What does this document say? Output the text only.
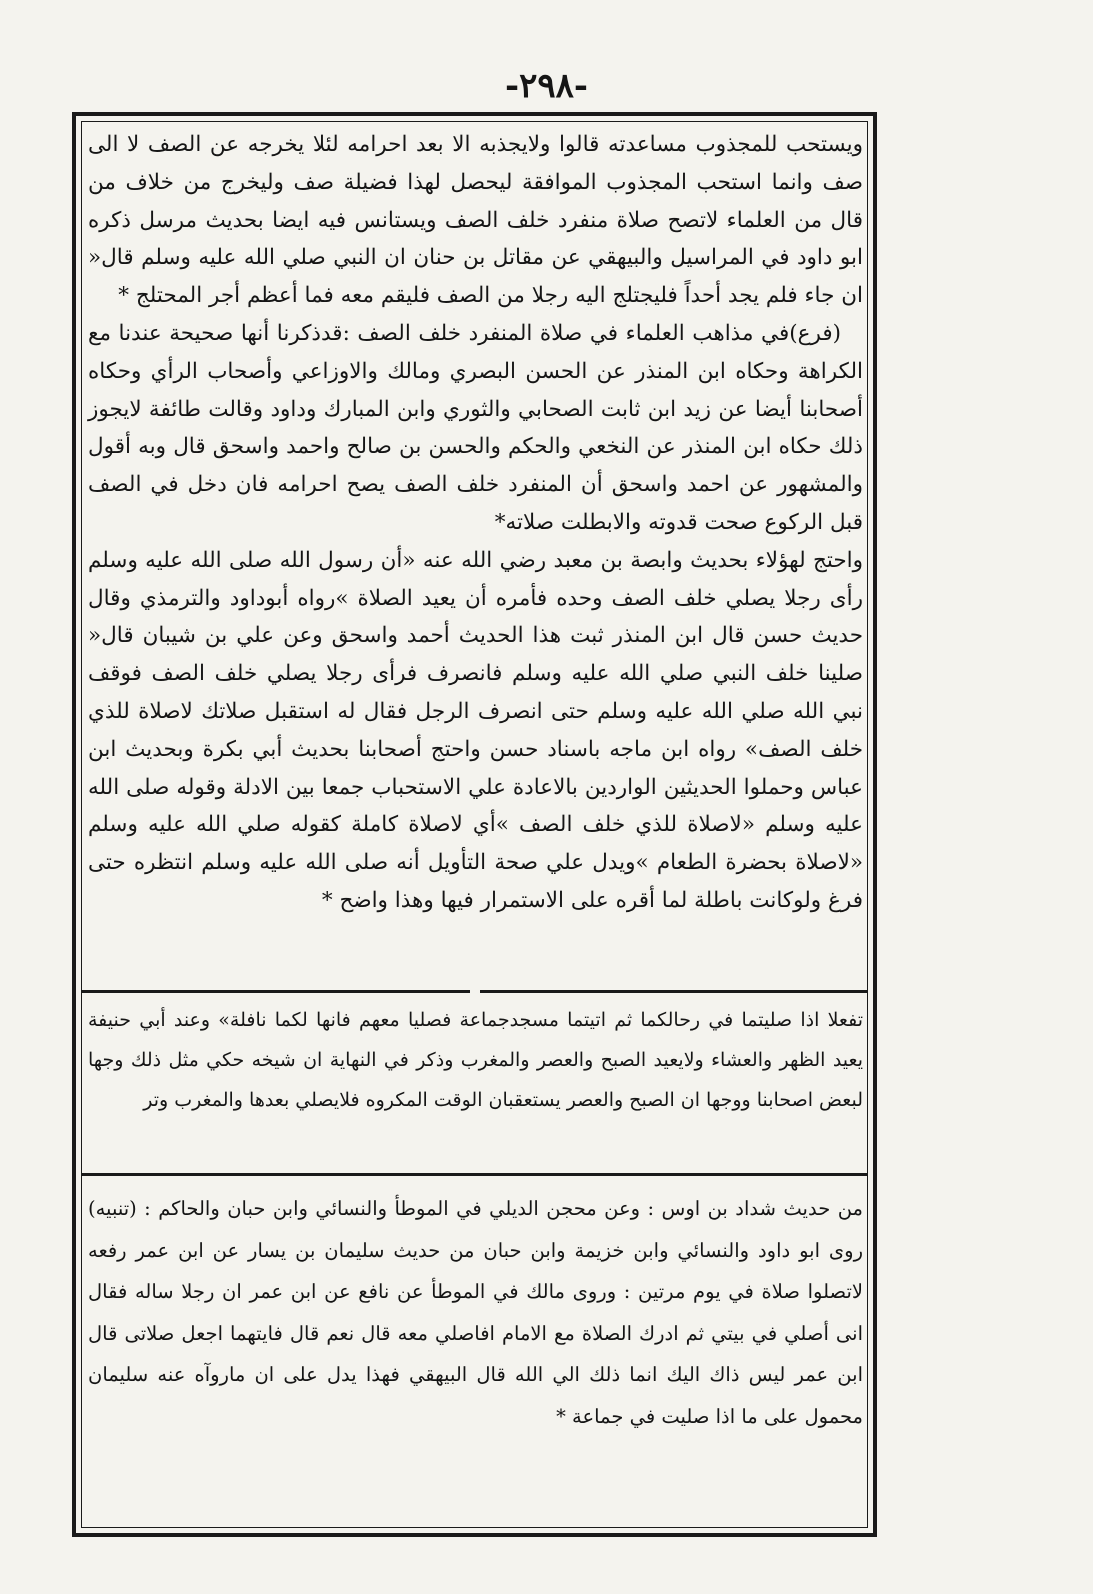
-٢٩٨-

ويستحب للمجذوب مساعدته قالوا ولايجذبه الا بعد احرامه لئلا يخرجه عن الصف لا الى صف وانما استحب المجذوب الموافقة ليحصل لهذا فضيلة صف وليخرج من خلاف من قال من العلماء لاتصح صلاة منفرد خلف الصف ويستانس فيه ايضا بحديث مرسل ذكره ابو داود في المراسيل والبيهقي عن مقاتل بن حنان ان النبي صلي الله عليه وسلم قال« ان جاء فلم يجد أحداً فليجتلج اليه رجلا من الصف فليقم معه فما أعظم أجر المحتلج *

(فرع)في مذاهب العلماء في صلاة المنفرد خلف الصف :قدذكرنا أنها صحيحة عندنا مع الكراهة وحكاه ابن المنذر عن الحسن البصري ومالك والاوزاعي وأصحاب الرأي وحكاه أصحابنا أيضا عن زيد ابن ثابت الصحابي والثوري وابن المبارك وداود وقالت طائفة لايجوز ذلك حكاه ابن المنذر عن النخعي والحكم والحسن بن صالح واحمد واسحق قال وبه أقول والمشهور عن احمد واسحق أن المنفرد خلف الصف يصح احرامه فان دخل في الصف قبل الركوع صحت قدوته والابطلت صلاته*

واحتج لهؤلاء بحديث وابصة بن معبد رضي الله عنه «أن رسول الله صلى الله عليه وسلم رأى رجلا يصلي خلف الصف وحده فأمره أن يعيد الصلاة »رواه أبوداود والترمذي وقال حديث حسن قال ابن المنذر ثبت هذا الحديث أحمد واسحق وعن علي بن شيبان قال« صلينا خلف النبي صلي الله عليه وسلم فانصرف فرأى رجلا يصلي خلف الصف فوقف نبي الله صلي الله عليه وسلم حتى انصرف الرجل فقال له استقبل صلاتك لاصلاة للذي خلف الصف» رواه ابن ماجه باسناد حسن واحتج أصحابنا بحديث أبي بكرة وبحديث ابن عباس وحملوا الحديثين الواردين بالاعادة علي الاستحباب جمعا بين الادلة وقوله صلى الله عليه وسلم «لاصلاة للذي خلف الصف »أي لاصلاة كاملة كقوله صلي الله عليه وسلم «لاصلاة بحضرة الطعام »ويدل علي صحة التأويل أنه صلى الله عليه وسلم انتظره حتى فرغ ولوكانت باطلة لما أقره على الاستمرار فيها وهذا واضح *

تفعلا اذا صليتما في رحالكما ثم اتيتما مسجدجماعة فصليا معهم فانها لكما نافلة» وعند أبي حنيفة يعيد الظهر والعشاء ولايعيد الصبح والعصر والمغرب وذكر في النهاية ان شيخه حكي مثل ذلك وجها لبعض اصحابنا ووجها ان الصبح والعصر يستعقبان الوقت المكروه فلايصلي بعدها والمغرب وتر

من حديث شداد بن اوس : وعن محجن الديلي في الموطأ والنسائي وابن حبان والحاكم : (تنبيه) روى ابو داود والنسائي وابن خزيمة وابن حبان من حديث سليمان بن يسار عن ابن عمر رفعه لاتصلوا صلاة في يوم مرتين : وروى مالك في الموطأ عن نافع عن ابن عمر ان رجلا ساله فقال انى أصلي في بيتي ثم ادرك الصلاة مع الامام افاصلي معه قال نعم قال فايتهما اجعل صلاتى قال ابن عمر ليس ذاك اليك انما ذلك الي الله قال البيهقي فهذا يدل على ان ماروآه عنه سليمان محمول على ما اذا صليت في جماعة *
